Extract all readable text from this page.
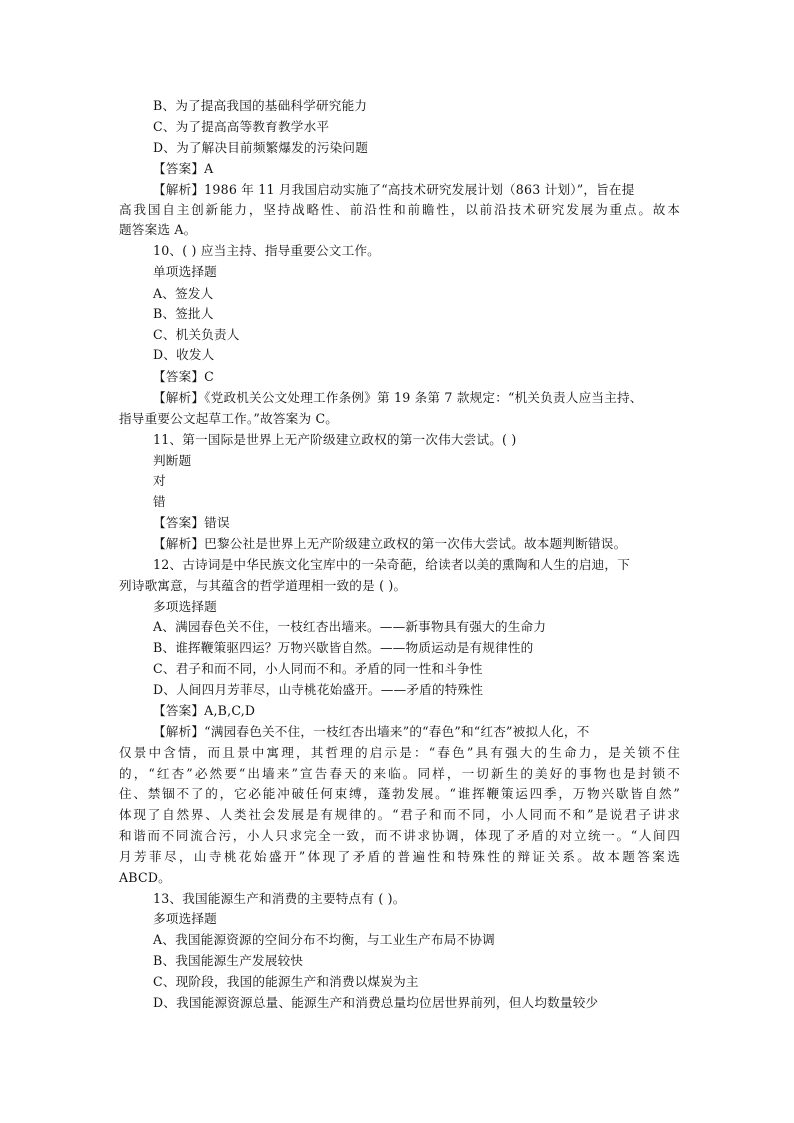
B、为了提高我国的基础科学研究能力
C、为了提高高等教育教学水平
D、为了解决目前频繁爆发的污染问题
【答案】A
【解析】1986 年 11 月我国启动实施了“高技术研究发展计划（863 计划）”，旨在提
高我国自主创新能力，坚持战略性、前沿性和前瞻性，以前沿技术研究发展为重点。故本
题答案选 A。
10、( ) 应当主持、指导重要公文工作。
单项选择题
A、签发人
B、签批人
C、机关负责人
D、收发人
【答案】C
【解析】《党政机关公文处理工作条例》第 19 条第 7 款规定：“机关负责人应当主持、
指导重要公文起草工作。”故答案为 C。
11、第一国际是世界上无产阶级建立政权的第一次伟大尝试。( )
判断题
对
错
【答案】错误
【解析】巴黎公社是世界上无产阶级建立政权的第一次伟大尝试。故本题判断错误。
12、古诗词是中华民族文化宝库中的一朵奇葩，给读者以美的熏陶和人生的启迪，下
列诗歌寓意，与其蕴含的哲学道理相一致的是 ( )。
多项选择题
A、满园春色关不住，一枝红杏出墙来。——新事物具有强大的生命力
B、谁挥鞭策驱四运？万物兴歇皆自然。——物质运动是有规律性的
C、君子和而不同，小人同而不和。矛盾的同一性和斗争性
D、人间四月芳菲尽，山寺桃花始盛开。——矛盾的特殊性
【答案】A,B,C,D
【解析】“满园春色关不住，一枝红杏出墙来”的“春色”和“红杏”被拟人化，不
仅景中含情，而且景中寓理，其哲理的启示是：“春色”具有强大的生命力，是关锁不住
的，“红杏”必然要“出墙来”宣告春天的来临。同样，一切新生的美好的事物也是封锁不
住、禁锢不了的，它必能冲破任何束缚，蓬勃发展。“谁挥鞭策运四季，万物兴歇皆自然”
体现了自然界、人类社会发展是有规律的。“君子和而不同，小人同而不和”是说君子讲求
和谐而不同流合污，小人只求完全一致，而不讲求协调，体现了矛盾的对立统一。“人间四
月芳菲尽，山寺桃花始盛开”体现了矛盾的普遍性和特殊性的辩证关系。故本题答案选
ABCD。
13、我国能源生产和消费的主要特点有 ( )。
多项选择题
A、我国能源资源的空间分布不均衡，与工业生产布局不协调
B、我国能源生产发展较快
C、现阶段，我国的能源生产和消费以煤炭为主
D、我国能源资源总量、能源生产和消费总量均位居世界前列，但人均数量较少
